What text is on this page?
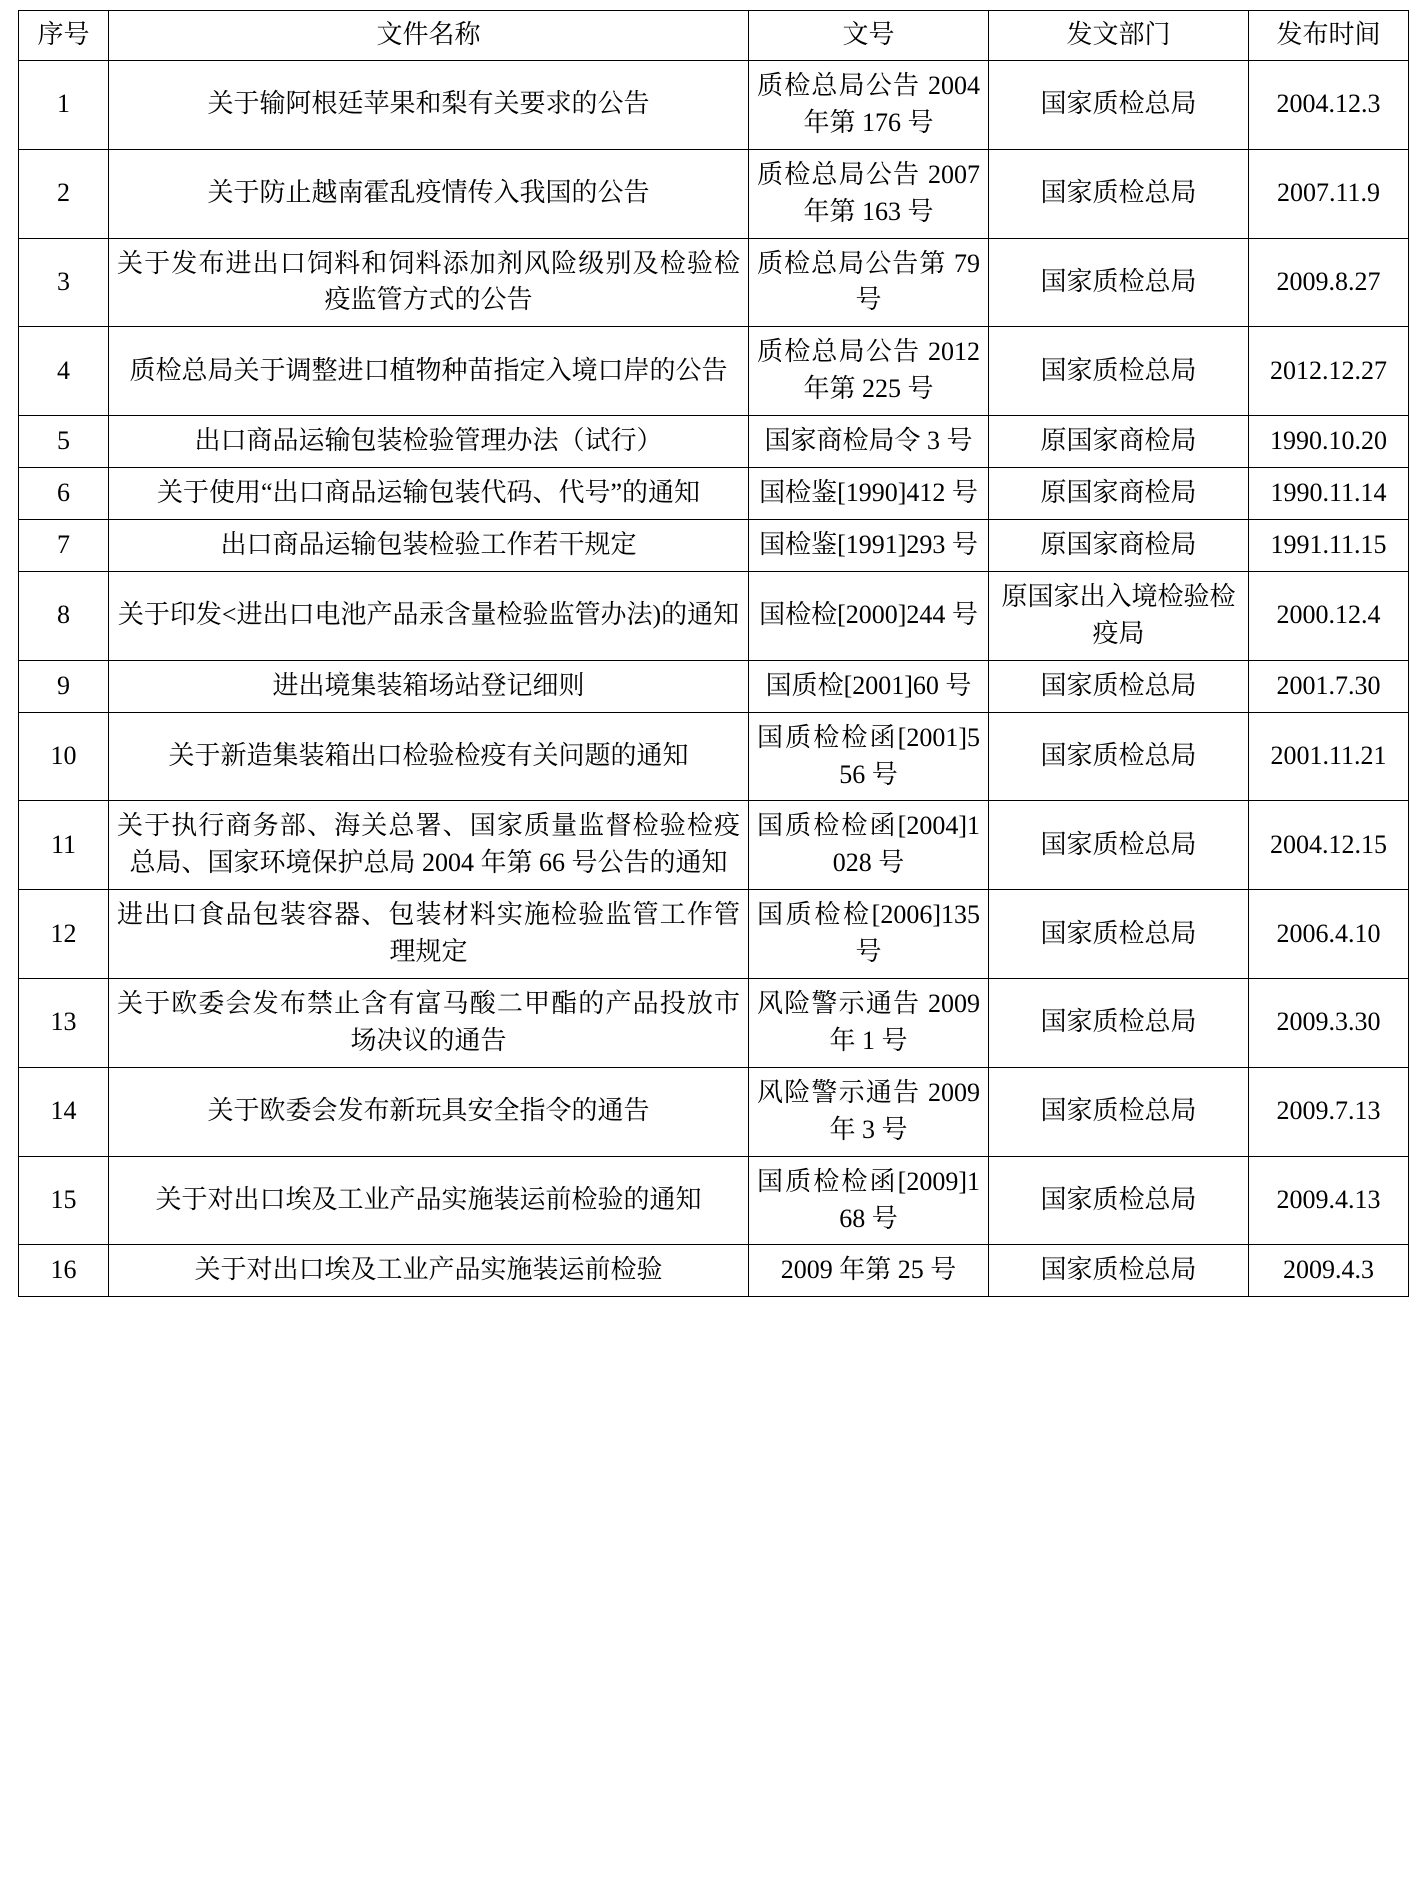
序号	文件名称	文号	发文部门	发布时间
1	关于输阿根廷苹果和梨有关要求的公告	质检总局公告 2004 年第 176 号	国家质检总局	2004.12.3

2	关于防止越南霍乱疫情传入我国的公告	质检总局公告 2007 年第 163 号	国家质检总局	2007.11.9

3	关于发布进出口饲料和饲料添加剂风险级别及检验检疫监管方式的公告	质检总局公告第 79 号	国家质检总局	2009.8.27

4	质检总局关于调整进口植物种苗指定入境口岸的公告	质检总局公告 2012 年第 225 号	国家质检总局	2012.12.27

5	出口商品运输包装检验管理办法（试行）	国家商检局令 3 号	原国家商检局	1990.10.20

6	关于使用“出口商品运输包装代码、代号”的通知	国检鉴[1990]412 号	原国家商检局	1990.11.14

7	出口商品运输包装检验工作若干规定	国检鉴[1991]293 号	原国家商检局	1991.11.15

8	关于印发<进出口电池产品汞含量检验监管办法)的通知	国检检[2000]244 号	原国家出入境检验检疫局	2000.12.4

9	进出境集装箱场站登记细则	国质检[2001]60 号	国家质检总局	2001.7.30

10	关于新造集装箱出口检验检疫有关问题的通知	国质检检函[2001]556 号	国家质检总局	2001.11.21

11	关于执行商务部、海关总署、国家质量监督检验检疫总局、国家环境保护总局 2004 年第 66 号公告的通知	国质检检函[2004]1028 号	国家质检总局	2004.12.15

12	进出口食品包装容器、包装材料实施检验监管工作管理规定	国质检检[2006]135 号	国家质检总局	2006.4.10

13	关于欧委会发布禁止含有富马酸二甲酯的产品投放市场决议的通告	风险警示通告 2009 年 1 号	国家质检总局	2009.3.30

14	关于欧委会发布新玩具安全指令的通告	风险警示通告 2009 年 3 号	国家质检总局	2009.7.13

15	关于对出口埃及工业产品实施装运前检验的通知	国质检检函[2009]168 号	国家质检总局	2009.4.13

16	关于对出口埃及工业产品实施装运前检验	2009 年第 25 号	国家质检总局	2009.4.3
